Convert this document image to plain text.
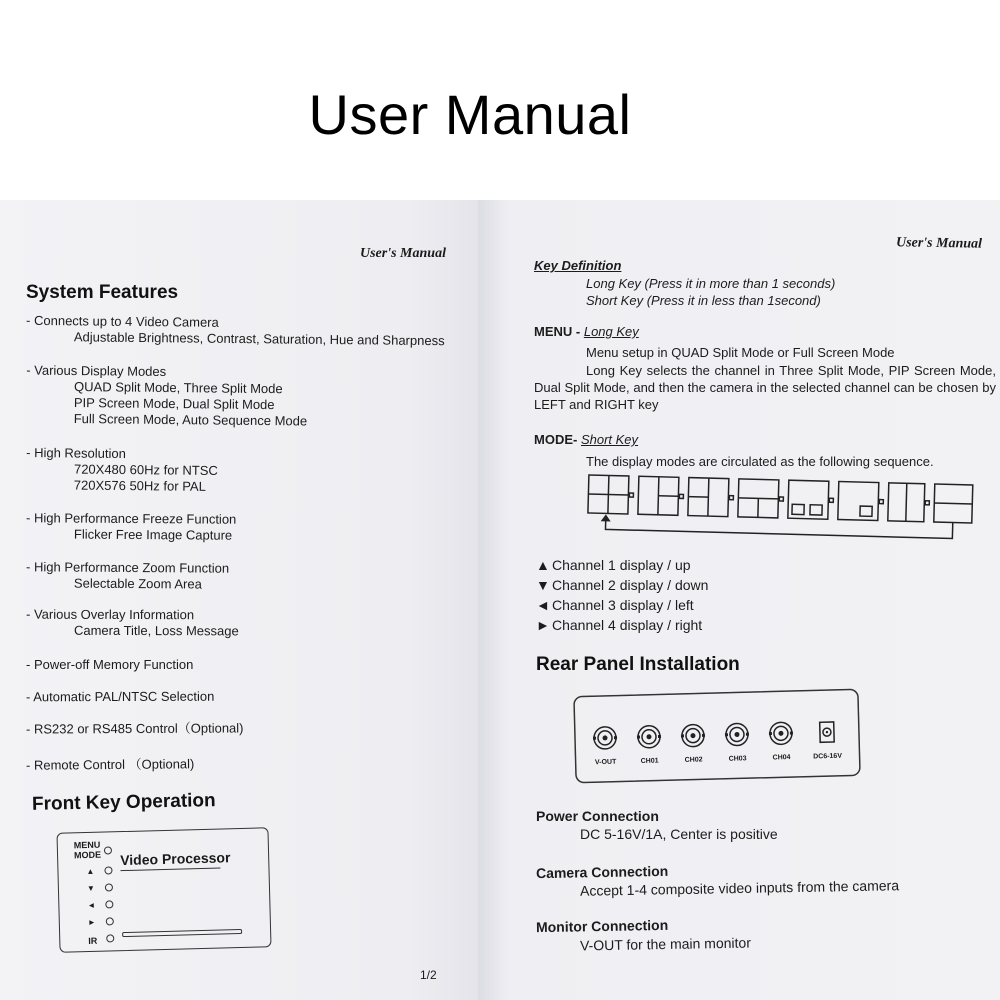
User Manual
User's Manual
System Features
- Connects up to 4 Video Camera
Adjustable Brightness, Contrast, Saturation, Hue and Sharpness
- Various Display Modes
QUAD Split Mode, Three Split Mode
PIP Screen Mode, Dual Split Mode
Full Screen Mode, Auto Sequence Mode
- High Resolution
720X480 60Hz for NTSC
720X576 50Hz for PAL
- High Performance Freeze Function
Flicker Free Image Capture
- High Performance Zoom Function
Selectable Zoom Area
- Various Overlay Information
Camera Title, Loss Message
- Power-off Memory Function
- Automatic PAL/NTSC Selection
- RS232 or RS485 Control（Optional)
- Remote Control （Optional)
Front Key Operation
MENU
MODE
▲
▼
◄
►
IR
Video Processor
1/2
User's Manual
Key Definition
Long Key (Press it in more than 1 seconds)
Short Key (Press it in less than 1second)
MENU - Long Key
Menu setup in QUAD Split Mode or Full Screen Mode
Long Key selects the channel in Three Split Mode, PIP Screen Mode, Dual Split Mode, and then the camera in the selected channel can be chosen by LEFT and RIGHT key
MODE- Short Key
The display modes are circulated as the following sequence.
▲ Channel 1 display / up
▼ Channel 2 display / down
◄ Channel 3 display / left
► Channel 4 display / right
Rear Panel Installation
V-OUT	CH01	CH02	CH03	CH04	DC6-16V
Power Connection
DC 5-16V/1A, Center is positive
Camera Connection
Accept 1-4 composite video inputs from the camera
Monitor Connection
V-OUT for the main monitor
